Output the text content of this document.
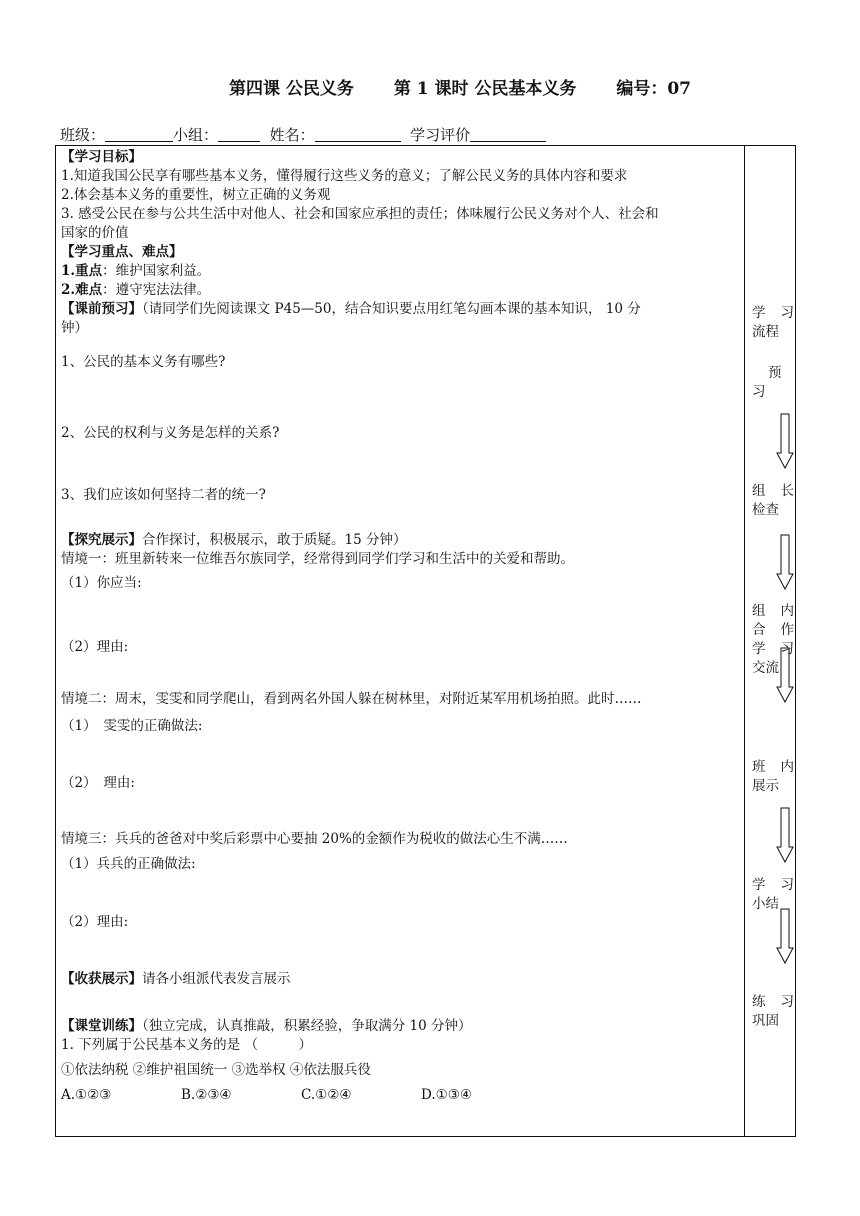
第四课 公民义务 第 1 课时 公民基本义务 编号：07
班级：	小组：	姓名：	学习评价

【学习目标】

1.知道我国公民享有哪些基本义务，懂得履行这些义务的意义；了解公民义务的具体内容和要求

2.体会基本义务的重要性，树立正确的义务观

3. 感受公民在参与公共生活中对他人、社会和国家应承担的责任；体味履行公民义务对个人、社会和

国家的价值

【学习重点、难点】

1.重点：维护国家利益。

2.难点：遵守宪法法律。

【课前预习】（请同学们先阅读课文 P45—50，结合知识要点用红笔勾画本课的基本知识， 10 分

钟）

1、公民的基本义务有哪些?

2、公民的权利与义务是怎样的关系?

3、我们应该如何坚持二者的统一?

【探究展示】合作探讨，积极展示，敢于质疑。15 分钟）

情境一：班里新转来一位维吾尔族同学，经常得到同学们学习和生活中的关爱和帮助。

（1）你应当:

（2）理由:

情境二：周末，雯雯和同学爬山，看到两名外国人躲在树林里，对附近某军用机场拍照。此时……

（1）　雯雯的正确做法:

（2）　理由:

情境三：兵兵的爸爸对中奖后彩票中心要抽 20%的金额作为税收的做法心生不满……

（1）兵兵的正确做法:

（2）理由:

【收获展示】请各小组派代表发言展示

【课堂训练】（独立完成，认真推敲，积累经验，争取满分 10 分钟）

1. 下列属于公民基本义务的是 （　　　）

①依法纳税 ②维护祖国统一 ③选举权 ④依法服兵役

A.①②③	B.②③④	C.①②④	D.①③④

学 习
流程
预
习
组 长
检查
组 内
合 作
学 习
交流
班 内
展示
学 习
小结
练 习
巩固
